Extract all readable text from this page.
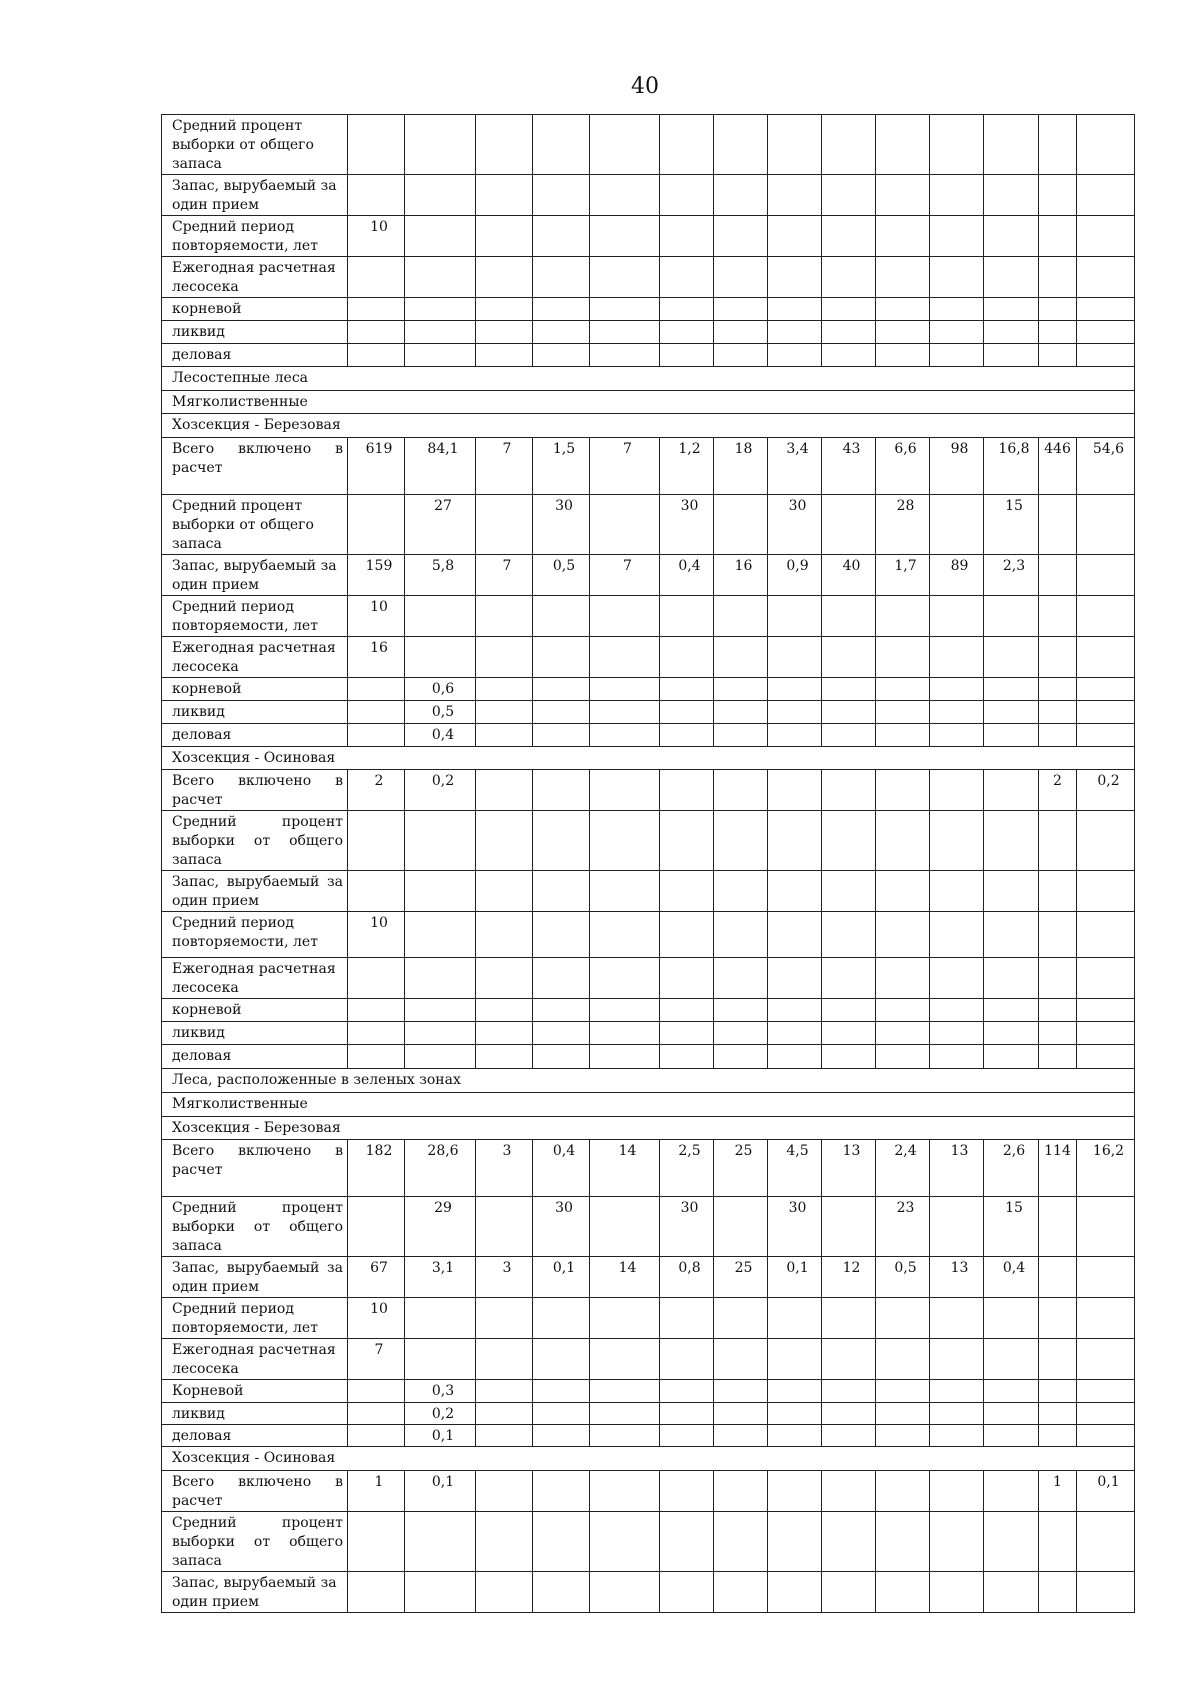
40
Средний процент выборки от общего запаса														
Запас, вырубаемый за один прием														
Средний период повторяемости, лет	10													
Ежегодная расчетная лесосека														
корневой														
ликвид														
деловая														
Лесостепные леса														
Мягколиственные														
Хозсекция - Березовая														
Всего включено в расчет	619	84,1	7	1,5	7	1,2	18	3,4	43	6,6	98	16,8	446	54,6
Средний процент выборки от общего запаса		27		30		30		30		28		15		
Запас, вырубаемый за один прием	159	5,8	7	0,5	7	0,4	16	0,9	40	1,7	89	2,3		
Средний период повторяемости, лет	10													
Ежегодная расчетная лесосека	16													
корневой		0,6												
ликвид		0,5												
деловая		0,4												
Хозсекция - Осиновая														
Всего включено в расчет	2	0,2											2	0,2
Средний процент выборки от общего запаса														
Запас, вырубаемый за один прием														
Средний период повторяемости, лет	10													
Ежегодная расчетная лесосека														
корневой														
ликвид														
деловая														
Леса, расположенные в зеленых зонах														
Мягколиственные														
Хозсекция - Березовая														
Всего включено в расчет	182	28,6	3	0,4	14	2,5	25	4,5	13	2,4	13	2,6	114	16,2
Средний процент выборки от общего запаса		29		30		30		30		23		15		
Запас, вырубаемый за один прием	67	3,1	3	0,1	14	0,8	25	0,1	12	0,5	13	0,4		
Средний период повторяемости, лет	10													
Ежегодная расчетная лесосека	7													
Корневой		0,3												
ликвид		0,2												
деловая		0,1												
Хозсекция - Осиновая														
Всего включено в расчет	1	0,1											1	0,1
Средний процент выборки от общего запаса														
Запас, вырубаемый за один прием														
